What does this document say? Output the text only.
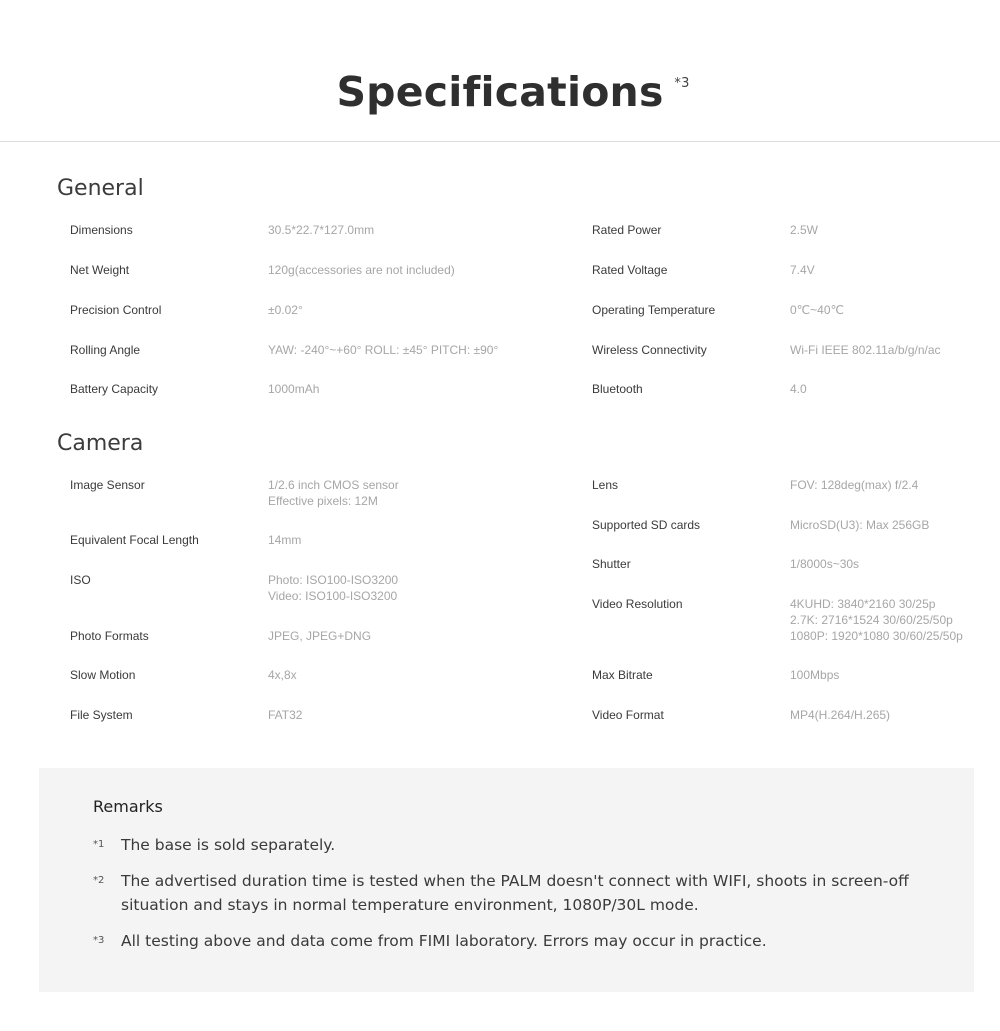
Specifications *3
General
Dimensions	30.5*22.7*127.0mm
Net Weight	120g(accessories are not included)
Precision Control	±0.02°
Rolling Angle	YAW: -240°~+60° ROLL: ±45° PITCH: ±90°
Battery Capacity	1000mAh
Rated Power	2.5W
Rated Voltage	7.4V
Operating Temperature	0℃~40℃
Wireless Connectivity	Wi-Fi IEEE 802.11a/b/g/n/ac
Bluetooth	4.0
Camera
Image Sensor	1/2.6 inch CMOS sensor
Effective pixels: 12M
Equivalent Focal Length	14mm
ISO	Photo: ISO100-ISO3200
Video: ISO100-ISO3200
Photo Formats	JPEG, JPEG+DNG
Slow Motion	4x,8x
File System	FAT32
Lens	FOV: 128deg(max) f/2.4
Supported SD cards	MicroSD(U3): Max 256GB
Shutter	1/8000s~30s
Video Resolution	4KUHD: 3840*2160 30/25p
2.7K: 2716*1524 30/60/25/50p
1080P: 1920*1080 30/60/25/50p
Max Bitrate	100Mbps
Video Format	MP4(H.264/H.265)
Remarks
*1 The base is sold separately.
*2 The advertised duration time is tested when the PALM doesn't connect with WIFI, shoots in screen-off situation and stays in normal temperature environment, 1080P/30L mode.
*3 All testing above and data come from FIMI laboratory. Errors may occur in practice.
